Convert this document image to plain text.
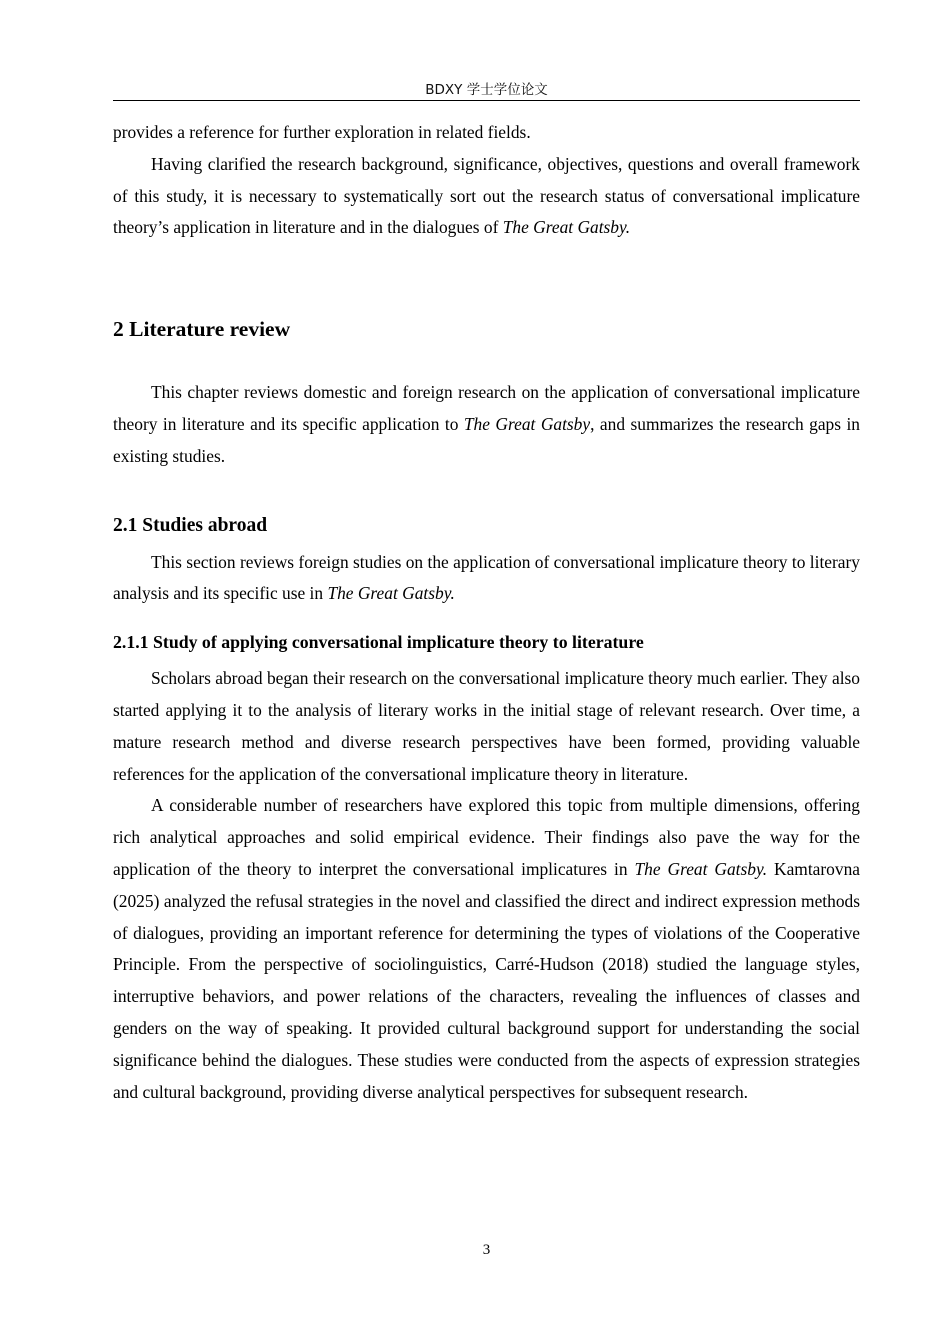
BDXY 学士学位论文

provides a reference for further exploration in related fields.

Having clarified the research background, significance, objectives, questions and overall framework of this study, it is necessary to systematically sort out the research status of conversational implicature theory’s application in literature and in the dialogues of The Great Gatsby.

2 Literature review

This chapter reviews domestic and foreign research on the application of conversational implicature theory in literature and its specific application to The Great Gatsby, and summarizes the research gaps in existing studies.

2.1 Studies abroad

This section reviews foreign studies on the application of conversational implicature theory to literary analysis and its specific use in The Great Gatsby.

2.1.1 Study of applying conversational implicature theory to literature

Scholars abroad began their research on the conversational implicature theory much earlier. They also started applying it to the analysis of literary works in the initial stage of relevant research. Over time, a mature research method and diverse research perspectives have been formed, providing valuable references for the application of the conversational implicature theory in literature.

A considerable number of researchers have explored this topic from multiple dimensions, offering rich analytical approaches and solid empirical evidence. Their findings also pave the way for the application of the theory to interpret the conversational implicatures in The Great Gatsby. Kamtarovna (2025) analyzed the refusal strategies in the novel and classified the direct and indirect expression methods of dialogues, providing an important reference for determining the types of violations of the Cooperative Principle. From the perspective of sociolinguistics, Carré-Hudson (2018) studied the language styles, interruptive behaviors, and power relations of the characters, revealing the influences of classes and genders on the way of speaking. It provided cultural background support for understanding the social significance behind the dialogues. These studies were conducted from the aspects of expression strategies and cultural background, providing diverse analytical perspectives for subsequent research.

3
